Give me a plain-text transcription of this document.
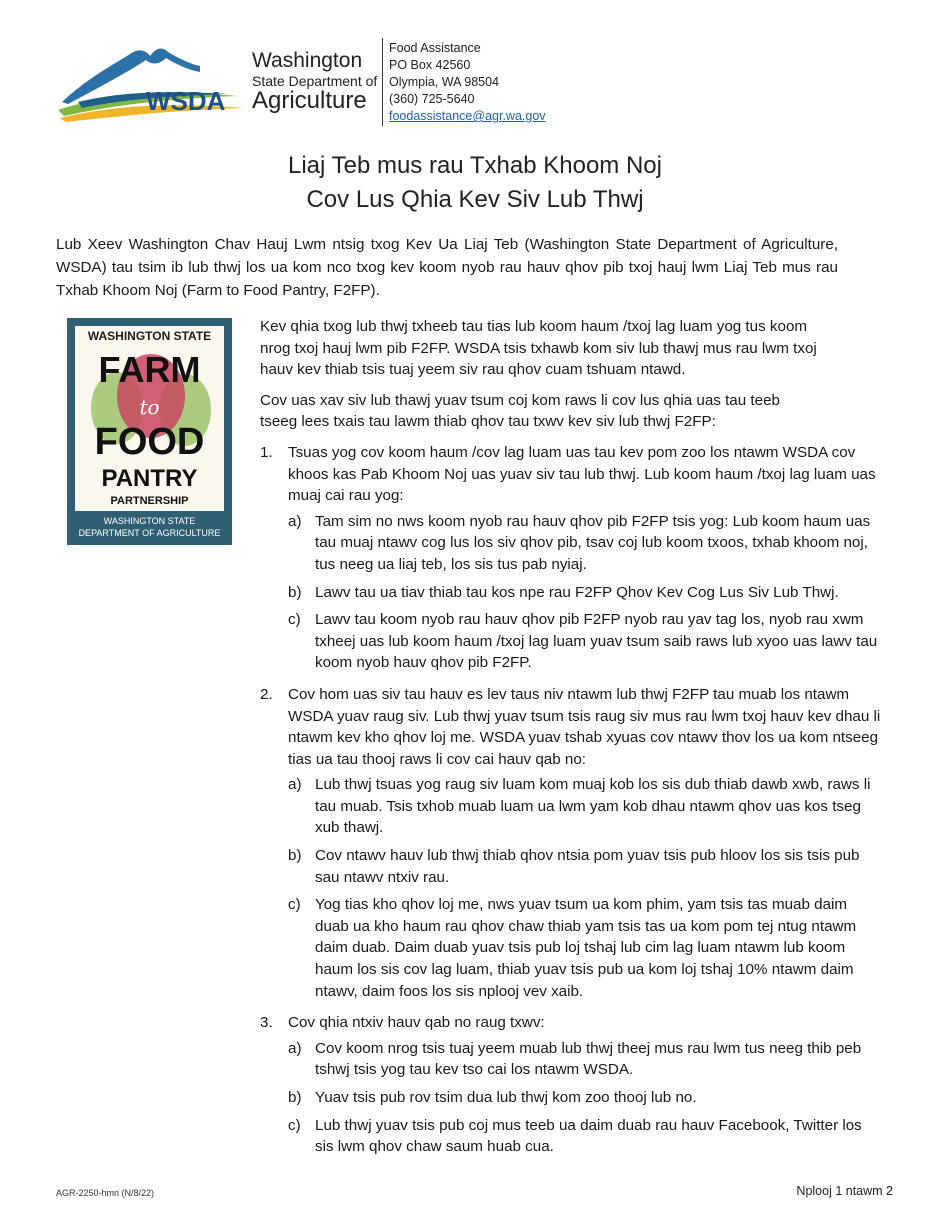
WSDA
Washington
State Department of
Agriculture
Food Assistance
PO Box 42560
Olympia, WA 98504
(360) 725-5640
foodassistance@agr.wa.gov
Liaj Teb mus rau Txhab Khoom Noj
Cov Lus Qhia Kev Siv Lub Thwj
Lub Xeev Washington Chav Hauj Lwm ntsig txog Kev Ua Liaj Teb (Washington State Department of Agriculture, WSDA) tau tsim ib lub thwj los ua kom nco txog kev koom nyob rau hauv qhov pib txoj hauj lwm Liaj Teb mus rau Txhab Khoom Noj (Farm to Food Pantry, F2FP).
WASHINGTON STATE
FARM
to
FOOD
PANTRY
PARTNERSHIP
WASHINGTON STATE
DEPARTMENT OF AGRICULTURE

Kev qhia txog lub thwj txheeb tau tias lub koom haum /txoj lag luam yog tus koom nrog txoj hauj lwm pib F2FP. WSDA tsis txhawb kom siv lub thawj mus rau lwm txoj hauv kev thiab tsis tuaj yeem siv rau qhov cuam tshuam ntawd.

Cov uas xav siv lub thawj yuav tsum coj kom raws li cov lus qhia uas tau teeb tseeg lees txais tau lawm thiab qhov tau txwv kev siv lub thwj F2FP:

1. Tsuas yog cov koom haum /cov lag luam uas tau kev pom zoo los ntawm WSDA cov khoos kas Pab Khoom Noj uas yuav siv tau lub thwj. Lub koom haum /txoj lag luam uas muaj cai rau yog:
a) Tam sim no nws koom nyob rau hauv qhov pib F2FP tsis yog: Lub koom haum uas tau muaj ntawv cog lus los siv qhov pib, tsav coj lub koom txoos, txhab khoom noj, tus neeg ua liaj teb, los sis tus pab nyiaj.
b) Lawv tau ua tiav thiab tau kos npe rau F2FP Qhov Kev Cog Lus Siv Lub Thwj.
c) Lawv tau koom nyob rau hauv qhov pib F2FP nyob rau yav tag los, nyob rau xwm txheej uas lub koom haum /txoj lag luam yuav tsum saib raws lub xyoo uas lawv tau koom nyob hauv qhov pib F2FP.
2. Cov hom uas siv tau hauv es lev taus niv ntawm lub thwj F2FP tau muab los ntawm WSDA yuav raug siv. Lub thwj yuav tsum tsis raug siv mus rau lwm txoj hauv kev dhau li ntawm kev kho qhov loj me. WSDA yuav tshab xyuas cov ntawv thov los ua kom ntseeg tias ua tau thooj raws li cov cai hauv qab no:
a) Lub thwj tsuas yog raug siv luam kom muaj kob los sis dub thiab dawb xwb, raws li tau muab. Tsis txhob muab luam ua lwm yam kob dhau ntawm qhov uas kos tseg xub thawj.
b) Cov ntawv hauv lub thwj thiab qhov ntsia pom yuav tsis pub hloov los sis tsis pub sau ntawv ntxiv rau.
c) Yog tias kho qhov loj me, nws yuav tsum ua kom phim, yam tsis tas muab daim duab ua kho haum rau qhov chaw thiab yam tsis tas ua kom pom tej ntug ntawm daim duab. Daim duab yuav tsis pub loj tshaj lub cim lag luam ntawm lub koom haum los sis cov lag luam, thiab yuav tsis pub ua kom loj tshaj 10% ntawm daim ntawv, daim foos los sis nplooj vev xaib.
3. Cov qhia ntxiv hauv qab no raug txwv:
a) Cov koom nrog tsis tuaj yeem muab lub thwj theej mus rau lwm tus neeg thib peb tshwj tsis yog tau kev tso cai los ntawm WSDA.
b) Yuav tsis pub rov tsim dua lub thwj kom zoo thooj lub no.
c) Lub thwj yuav tsis pub coj mus teeb ua daim duab rau hauv Facebook, Twitter los sis lwm qhov chaw saum huab cua.
AGR-2250-hmn (N/8/22)	Nplooj 1 ntawm 2
